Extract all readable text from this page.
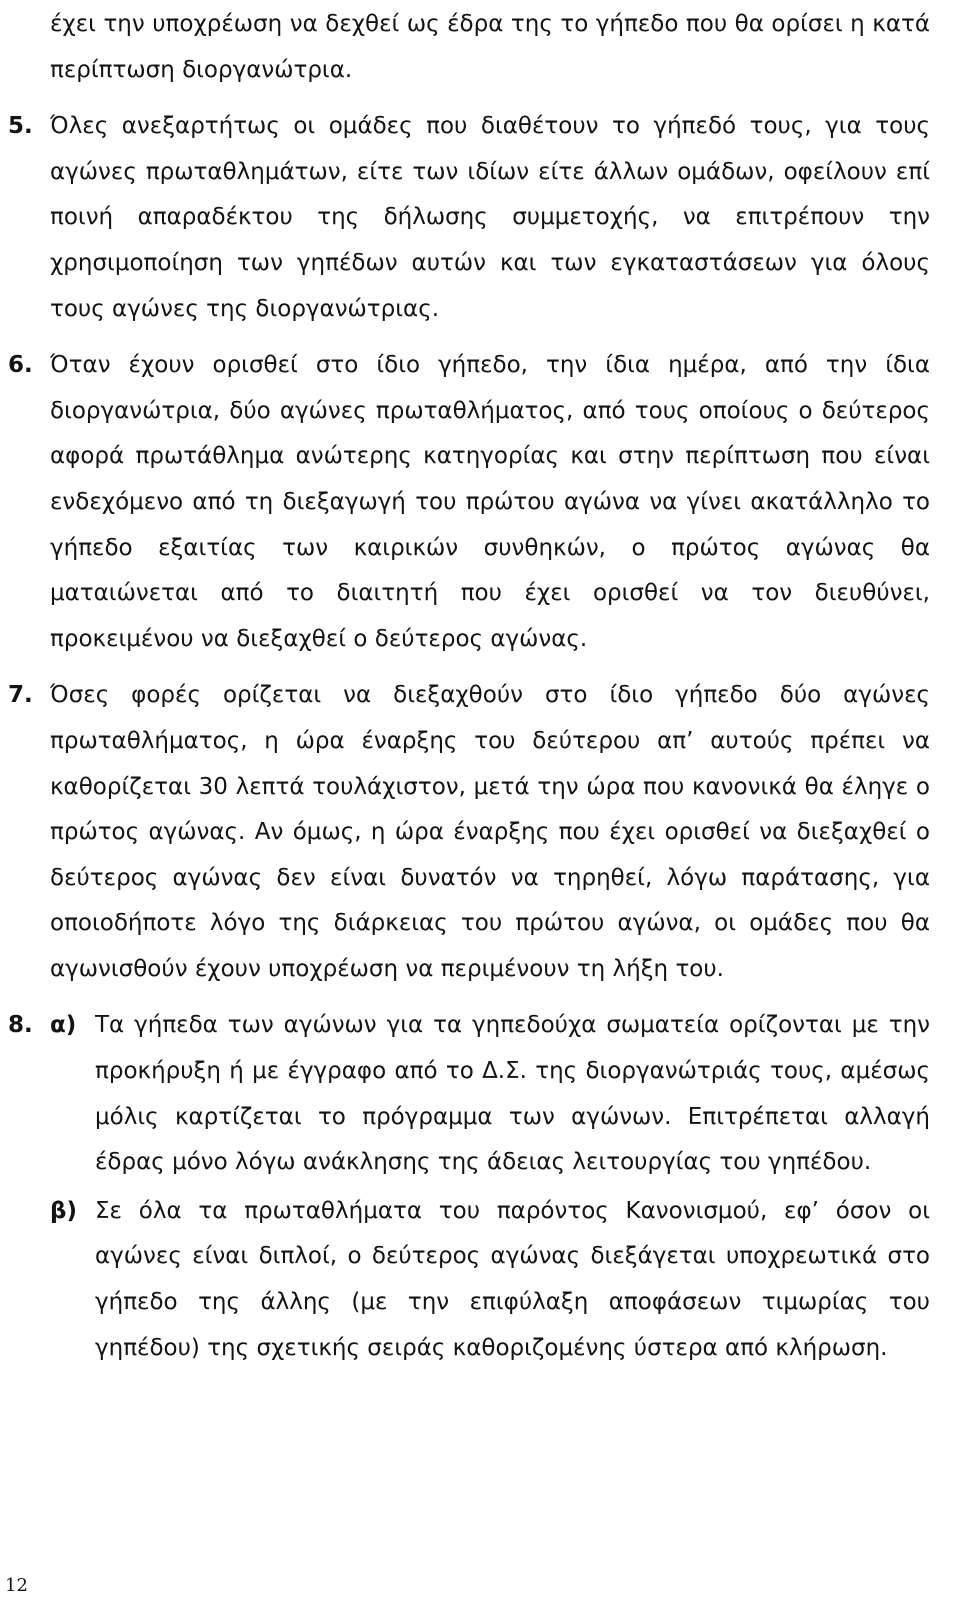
έχει την υποχρέωση να δεχθεί ως έδρα της το γήπεδο που θα ορίσει η κατά περίπτωση διοργανώτρια.

5. Όλες ανεξαρτήτως οι ομάδες που διαθέτουν το γήπεδό τους, για τους αγώνες πρωταθλημάτων, είτε των ιδίων είτε άλλων ομάδων, οφείλουν επί ποινή απαραδέκτου της δήλωσης συμμετοχής, να επιτρέπουν την χρησιμοποίηση των γηπέδων αυτών και των εγκαταστάσεων για όλους τους αγώνες της διοργανώτριας.

6. Όταν έχουν ορισθεί στο ίδιο γήπεδο, την ίδια ημέρα, από την ίδια διοργανώτρια, δύο αγώνες πρωταθλήματος, από τους οποίους ο δεύτερος αφορά πρωτάθλημα ανώτερης κατηγορίας και στην περίπτωση που είναι ενδεχόμενο από τη διεξαγωγή του πρώτου αγώνα να γίνει ακατάλληλο το γήπεδο εξαιτίας των καιρικών συνθηκών, ο πρώτος αγώνας θα ματαιώνεται από το διαιτητή που έχει ορισθεί να τον διευθύνει, προκειμένου να διεξαχθεί ο δεύτερος αγώνας.

7. Όσες φορές ορίζεται να διεξαχθούν στο ίδιο γήπεδο δύο αγώνες πρωταθλήματος, η ώρα έναρξης του δεύτερου απ’ αυτούς πρέπει να καθορίζεται 30 λεπτά τουλάχιστον, μετά την ώρα που κανονικά θα έληγε ο πρώτος αγώνας. Αν όμως, η ώρα έναρξης που έχει ορισθεί να διεξαχθεί ο δεύτερος αγώνας δεν είναι δυνατόν να τηρηθεί, λόγω παράτασης, για οποιοδήποτε λόγο της διάρκειας του πρώτου αγώνα, οι ομάδες που θα αγωνισθούν έχουν υποχρέωση να περιμένουν τη λήξη του.

8. α) Τα γήπεδα των αγώνων για τα γηπεδούχα σωματεία ορίζονται με την προκήρυξη ή με έγγραφο από το Δ.Σ. της διοργανώτριάς τους, αμέσως μόλις καρτίζεται το πρόγραμμα των αγώνων. Επιτρέπεται αλλαγή έδρας μόνο λόγω ανάκλησης της άδειας λειτουργίας του γηπέδου.

β) Σε όλα τα πρωταθλήματα του παρόντος Κανονισμού, εφ’ όσον οι αγώνες είναι διπλοί, ο δεύτερος αγώνας διεξάγεται υποχρεωτικά στο γήπεδο της άλλης (με την επιφύλαξη αποφάσεων τιμωρίας του γηπέδου) της σχετικής σειράς καθοριζομένης ύστερα από κλήρωση.

12
